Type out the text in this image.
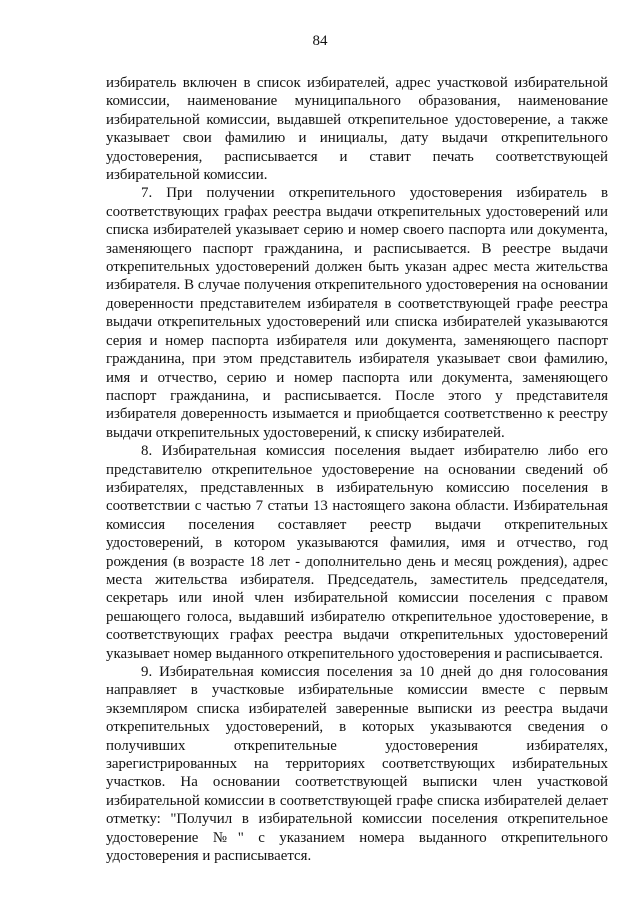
84

избиратель включен в список избирателей, адрес участковой избирательной комиссии, наименование муниципального образования, наименование избирательной комиссии, выдавшей открепительное удостоверение, а также указывает свои фамилию и инициалы, дату выдачи открепительного удостоверения, расписывается и ставит печать соответствующей избирательной комиссии.

7. При получении открепительного удостоверения избиратель в соответствующих графах реестра выдачи открепительных удостоверений или списка избирателей указывает серию и номер своего паспорта или документа, заменяющего паспорт гражданина, и расписывается. В реестре выдачи открепительных удостоверений должен быть указан адрес места жительства избирателя. В случае получения открепительного удостоверения на основании доверенности представителем избирателя в соответствующей графе реестра выдачи открепительных удостоверений или списка избирателей указываются серия и номер паспорта избирателя или документа, заменяющего паспорт гражданина, при этом представитель избирателя указывает свои фамилию, имя и отчество, серию и номер паспорта или документа, заменяющего паспорт гражданина, и расписывается. После этого у представителя избирателя доверенность изымается и приобщается соответственно к реестру выдачи открепительных удостоверений, к списку избирателей.

8. Избирательная комиссия поселения выдает избирателю либо его представителю открепительное удостоверение на основании сведений об избирателях, представленных в избирательную комиссию поселения в соответствии с частью 7 статьи 13 настоящего закона области. Избирательная комиссия поселения составляет реестр выдачи открепительных удостоверений, в котором указываются фамилия, имя и отчество, год рождения (в возрасте 18 лет - дополнительно день и месяц рождения), адрес места жительства избирателя. Председатель, заместитель председателя, секретарь или иной член избирательной комиссии поселения с правом решающего голоса, выдавший избирателю открепительное удостоверение, в соответствующих графах реестра выдачи открепительных удостоверений указывает номер выданного открепительного удостоверения и расписывается.

9. Избирательная комиссия поселения за 10 дней до дня голосования направляет в участковые избирательные комиссии вместе с первым экземпляром списка избирателей заверенные выписки из реестра выдачи открепительных удостоверений, в которых указываются сведения о получивших открепительные удостоверения избирателях, зарегистрированных на территориях соответствующих избирательных участков. На основании соответствующей выписки член участковой избирательной комиссии в соответствующей графе списка избирателей делает отметку: "Получил в избирательной комиссии поселения открепительное удостоверение №" с указанием номера выданного открепительного удостоверения и расписывается.
